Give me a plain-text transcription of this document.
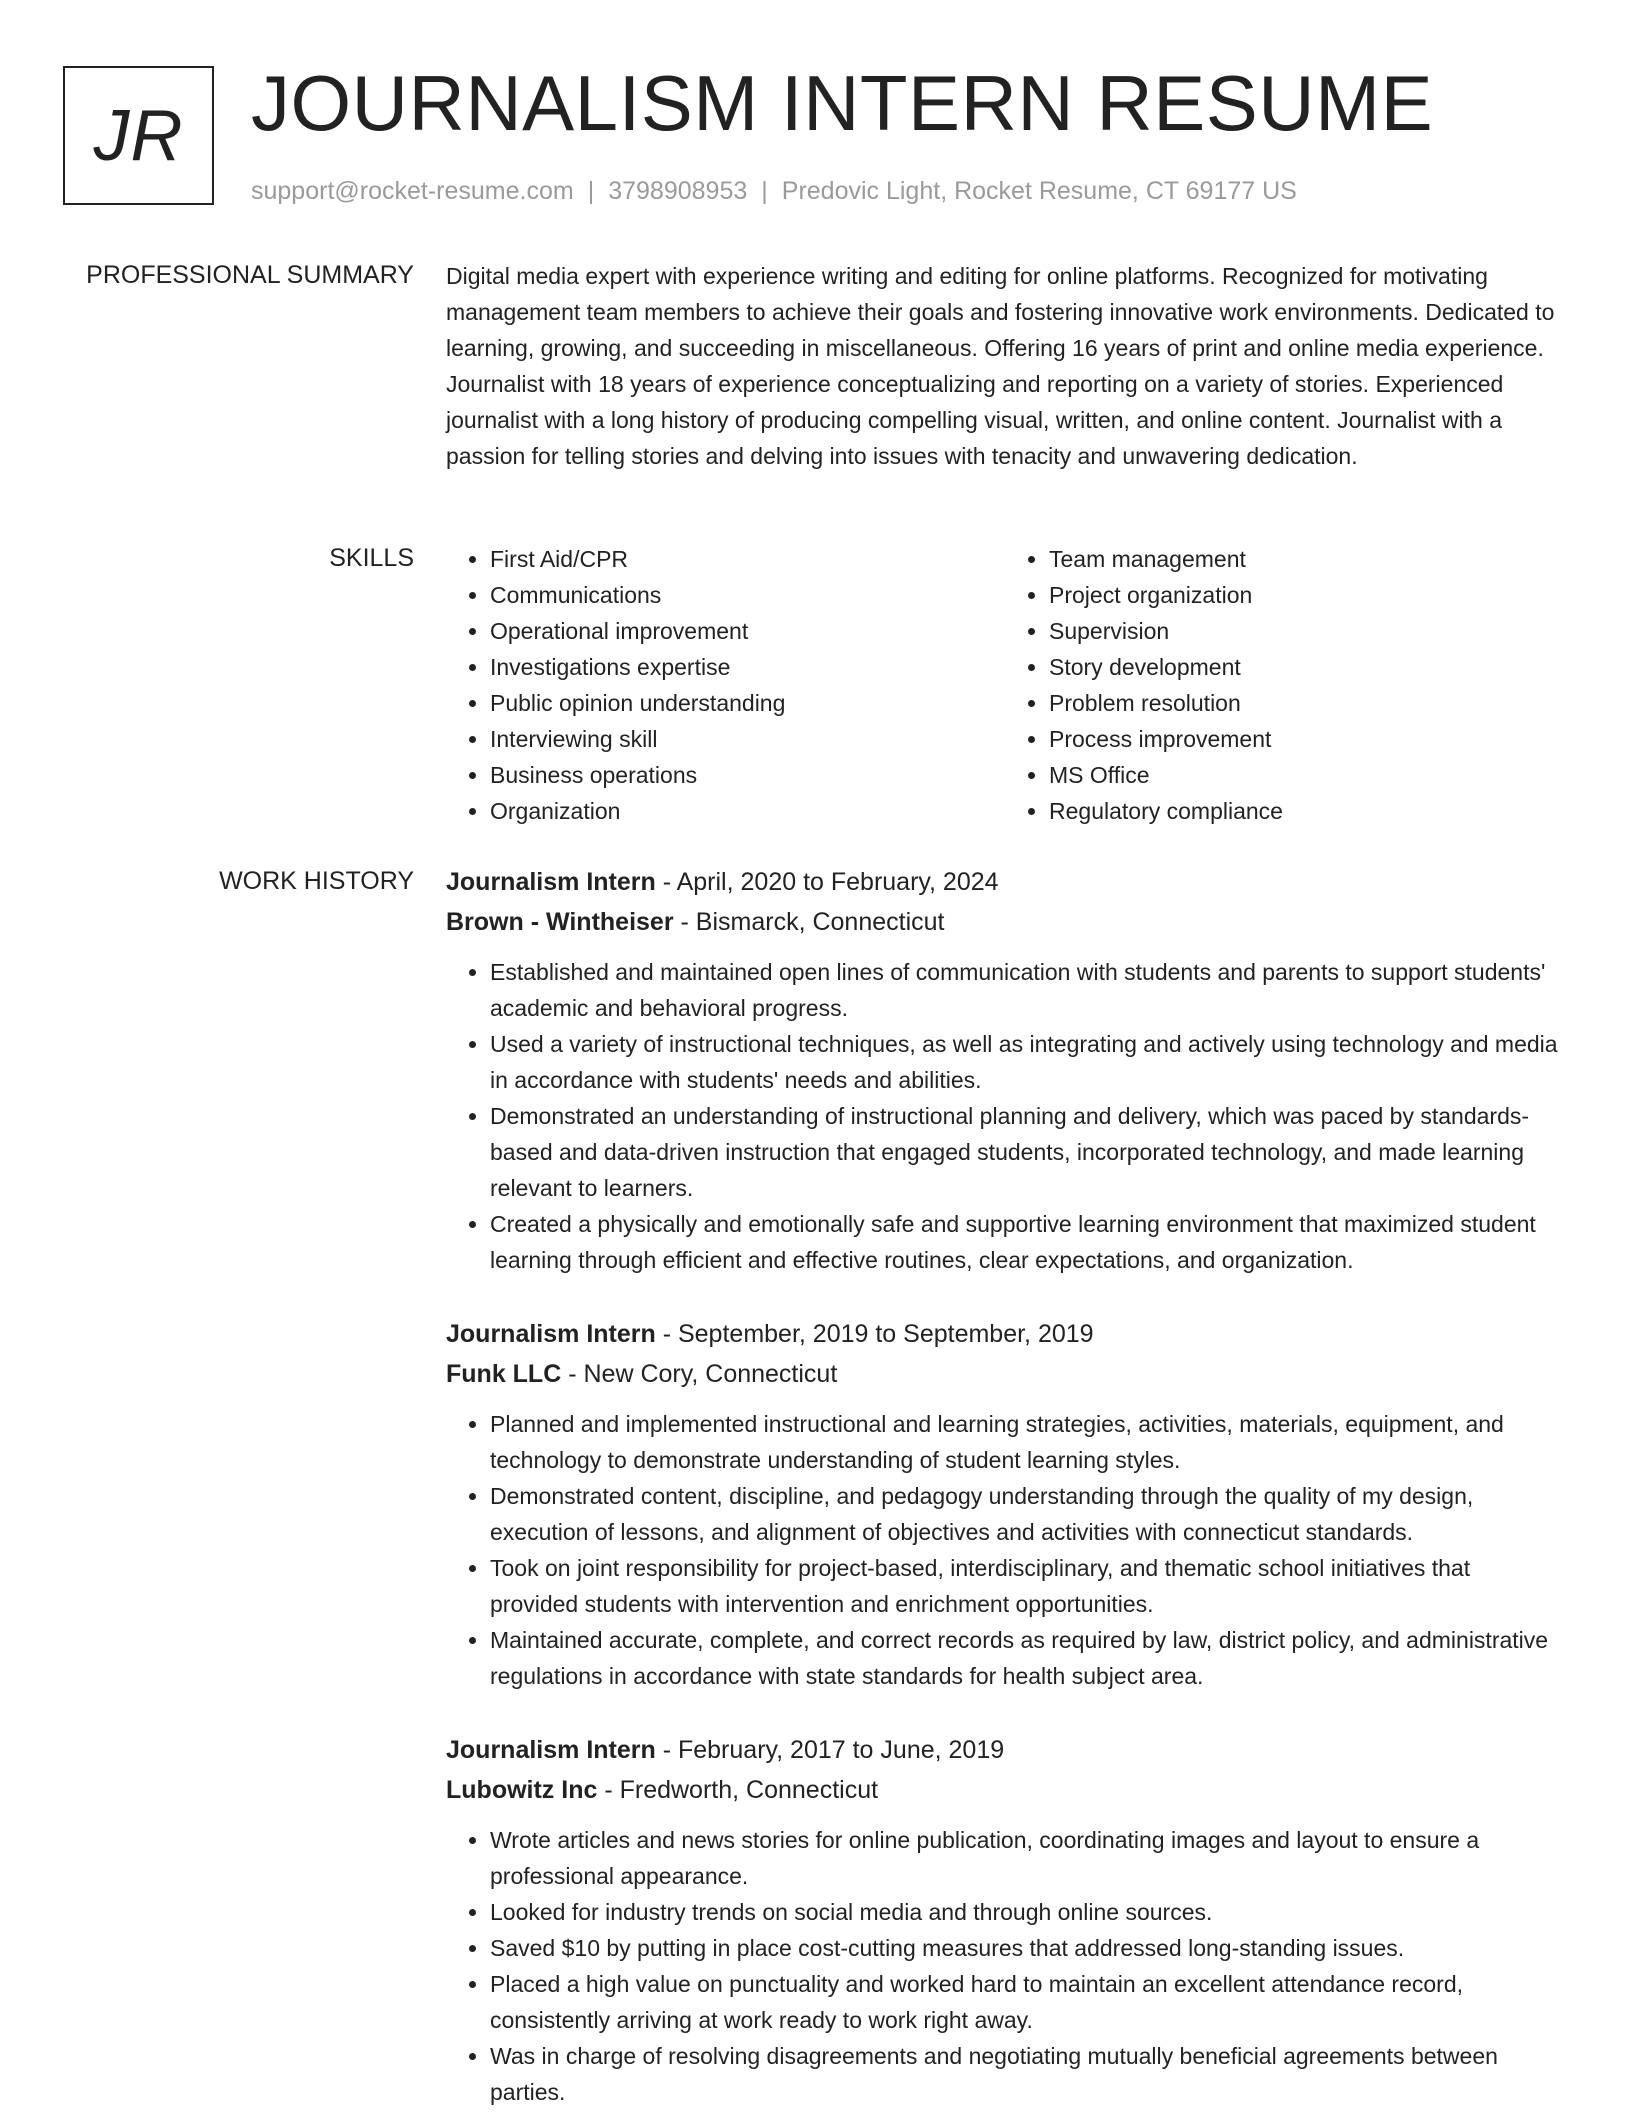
JR JOURNALISM INTERN RESUME
support@rocket-resume.com | 3798908953 | Predovic Light, Rocket Resume, CT 69177 US
PROFESSIONAL SUMMARY Digital media expert with experience writing and editing for online platforms. Recognized for motivating management team members to achieve their goals and fostering innovative work environments. Dedicated to learning, growing, and succeeding in miscellaneous. Offering 16 years of print and online media experience. Journalist with 18 years of experience conceptualizing and reporting on a variety of stories. Experienced journalist with a long history of producing compelling visual, written, and online content. Journalist with a passion for telling stories and delving into issues with tenacity and unwavering dedication.

SKILLS
•	First Aid/CPR
• Communications
• Operational improvement
• Investigations expertise
• Public opinion understanding
• Interviewing skill
• Business operations
• Organization
• Team management
• Project organization
• Supervision
• Story development
• Problem resolution
• Process improvement
• MS Office
• Regulatory compliance
WORK HISTORY Journalism Intern - April, 2020 to February, 2024
Brown - Wintheiser - Bismarck, Connecticut
• Established and maintained open lines of communication with students and parents to support students' academic and behavioral progress.
• Used a variety of instructional techniques, as well as integrating and actively using technology and media in accordance with students' needs and abilities.
• Demonstrated an understanding of instructional planning and delivery, which was paced by standards-based and data-driven instruction that engaged students, incorporated technology, and made learning relevant to learners.
• Created a physically and emotionally safe and supportive learning environment that maximized student learning through efficient and effective routines, clear expectations, and organization.
Journalism Intern - September, 2019 to September, 2019
Funk LLC - New Cory, Connecticut
• Planned and implemented instructional and learning strategies, activities, materials, equipment, and technology to demonstrate understanding of student learning styles.
• Demonstrated content, discipline, and pedagogy understanding through the quality of my design, execution of lessons, and alignment of objectives and activities with connecticut standards.
• Took on joint responsibility for project-based, interdisciplinary, and thematic school initiatives that provided students with intervention and enrichment opportunities.
• Maintained accurate, complete, and correct records as required by law, district policy, and administrative regulations in accordance with state standards for health subject area.
Journalism Intern - February, 2017 to June, 2019
Lubowitz Inc - Fredworth, Connecticut
• Wrote articles and news stories for online publication, coordinating images and layout to ensure a professional appearance.
• Looked for industry trends on social media and through online sources.
• Saved $10 by putting in place cost-cutting measures that addressed long-standing issues.
• Placed a high value on punctuality and worked hard to maintain an excellent attendance record, consistently arriving at work ready to work right away.
• Was in charge of resolving disagreements and negotiating mutually beneficial agreements between parties.
